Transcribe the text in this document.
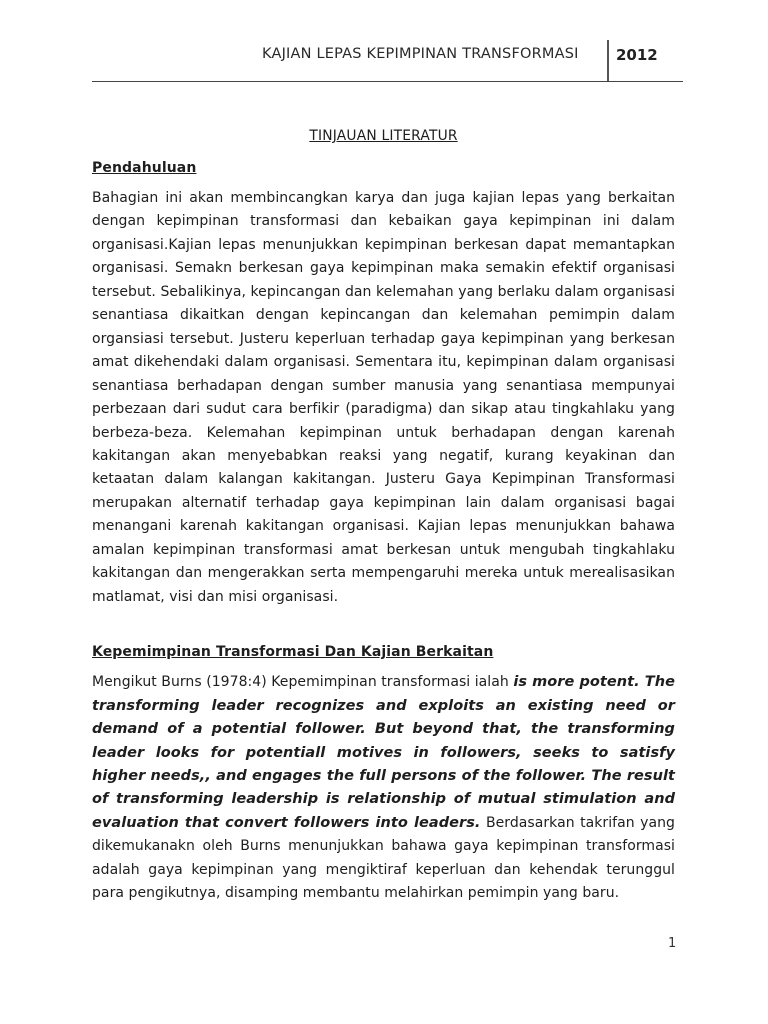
KAJIAN LEPAS KEPIMPINAN TRANSFORMASI 2012

TINJAUAN LITERATUR

Pendahuluan

Bahagian ini akan membincangkan karya dan juga kajian lepas yang berkaitan dengan kepimpinan transformasi dan kebaikan gaya kepimpinan ini dalam organisasi.Kajian lepas menunjukkan kepimpinan berkesan dapat memantapkan organisasi. Semakn berkesan gaya kepimpinan maka semakin efektif organisasi tersebut. Sebalikinya, kepincangan dan kelemahan yang berlaku dalam organisasi senantiasa dikaitkan dengan kepincangan dan kelemahan pemimpin dalam organsiasi tersebut. Justeru keperluan terhadap gaya kepimpinan yang berkesan amat dikehendaki dalam organisasi. Sementara itu, kepimpinan dalam organisasi senantiasa berhadapan dengan sumber manusia yang senantiasa mempunyai perbezaan dari sudut cara berfikir (paradigma) dan sikap atau tingkahlaku yang berbeza-beza. Kelemahan kepimpinan untuk berhadapan dengan karenah kakitangan akan menyebabkan reaksi yang negatif, kurang keyakinan dan ketaatan dalam kalangan kakitangan. Justeru Gaya Kepimpinan Transformasi merupakan alternatif terhadap gaya kepimpinan lain dalam organisasi bagai menangani karenah kakitangan organisasi. Kajian lepas menunjukkan bahawa amalan kepimpinan transformasi amat berkesan untuk mengubah tingkahlaku kakitangan dan mengerakkan serta mempengaruhi mereka untuk merealisasikan matlamat, visi dan misi organisasi.

Kepemimpinan Transformasi Dan Kajian Berkaitan

Mengikut Burns (1978:4) Kepemimpinan transformasi ialah is more potent. The transforming leader recognizes and exploits an existing need or demand of a potential follower. But beyond that, the transforming leader looks for potentiall motives in followers, seeks to satisfy higher needs,, and engages the full persons of the follower. The result of transforming leadership is relationship of mutual stimulation and evaluation that convert followers into leaders. Berdasarkan takrifan yang dikemukanakn oleh Burns menunjukkan bahawa gaya kepimpinan transformasi adalah gaya kepimpinan yang mengiktiraf keperluan dan kehendak terunggul para pengikutnya, disamping membantu melahirkan pemimpin yang baru.

1
